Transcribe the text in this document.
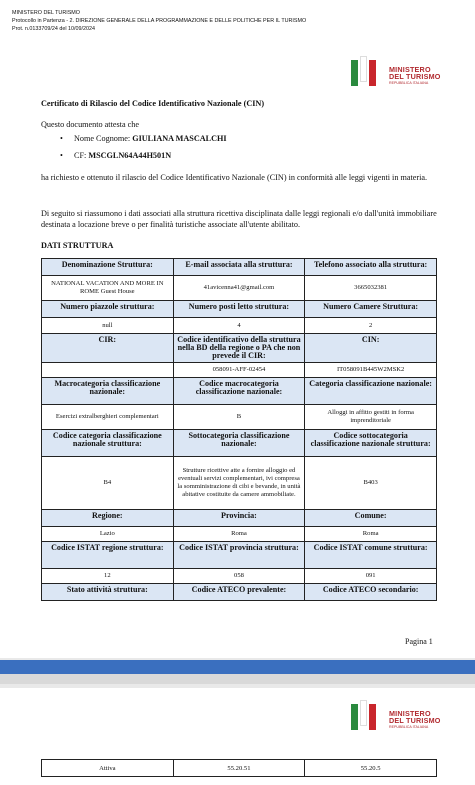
MINISTERO DEL TURISMO
Protocollo in Partenza - 2. DIREZIONE GENERALE DELLA PROGRAMMAZIONE E DELLE POLITICHE PER IL TURISMO
Prot. n.0133709/24 del 10/09/2024
MINISTERO
DEL TURISMO
REPUBBLICA ITALIANA
Certificato di Rilascio del Codice Identificativo Nazionale (CIN)
Questo documento attesta che
• Nome Cognome: GIULIANA MASCALCHI
• CF: MSCGLN64A44H501N
ha richiesto e ottenuto il rilascio del Codice Identificativo Nazionale (CIN) in conformità alle leggi vigenti in materia.
Di seguito si riassumono i dati associati alla struttura ricettiva disciplinata dalle leggi regionali e/o dall'unità immobiliare destinata a locazione breve o per finalità turistiche associate all'utente abilitato.
DATI STRUTTURA
Denominazione Struttura:	E-mail associata alla struttura:	Telefono associato alla struttura:
NATIONAL VACATION AND MORE IN ROME Guest House	41avicenna41@gmail.com	3665032381
Numero piazzole struttura:	Numero posti letto struttura:	Numero Camere Struttura:
null	4	2
CIR:	Codice identificativo della struttura nella BD della regione o PA che non prevede il CIR:	CIN:
	058091-AFF-02454	IT058091B445W2MSK2
Macrocategoria classificazione nazionale:	Codice macrocategoria classificazione nazionale:	Categoria classificazione nazionale:
Esercizi extralberghieri complementari	B	Alloggi in affitto gestiti in forma imprenditoriale
Codice categoria classificazione nazionale struttura:	Sottocategoria classificazione nazionale:	Codice sottocategoria classificazione nazionale struttura:
B4	Strutture ricettive atte a fornire alloggio ed eventuali servizi complementari, ivi compresa la somministrazione di cibi e bevande, in unità abitative costituite da camere ammobiliate.	B403
Regione:	Provincia:	Comune:
Lazio	Roma	Roma
Codice ISTAT regione struttura:	Codice ISTAT provincia struttura:	Codice ISTAT comune struttura:
12	058	091
Stato attività struttura:	Codice ATECO prevalente:	Codice ATECO secondario:
Pagina 1
MINISTERO
DEL TURISMO
REPUBBLICA ITALIANA
Attiva	55.20.51	55.20.5
